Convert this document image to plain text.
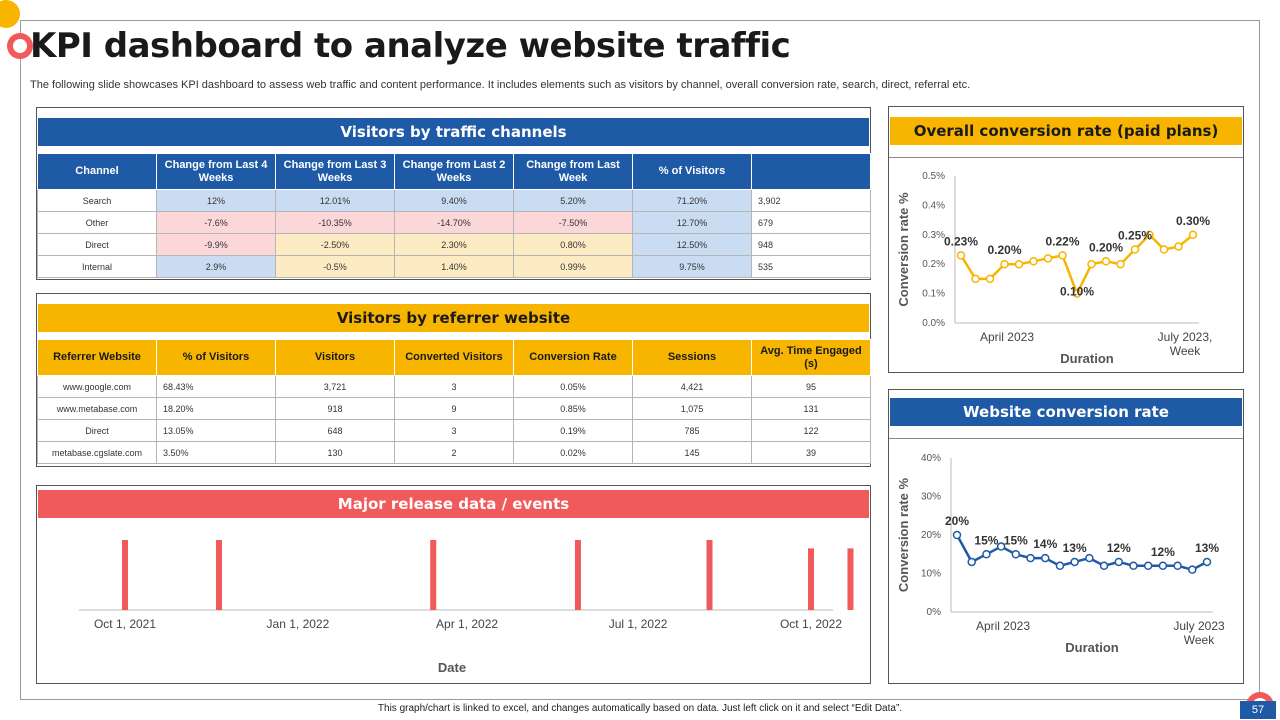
KPI dashboard to analyze website traffic
The following slide showcases KPI dashboard to assess web traffic and content performance. It includes elements such as visitors by channel, overall conversion rate, search, direct, referral etc.
Visitors by traffic channels
Channel	Change from Last 4 Weeks	Change from Last 3 Weeks	Change from Last 2 Weeks	Change from Last Week	% of Visitors	
Search	12%	12.01%	9.40%	5.20%	71.20%	3,902
Other	-7.6%	-10.35%	-14.70%	-7.50%	12.70%	679
Direct	-9.9%	-2.50%	2.30%	0.80%	12.50%	948
Internal	2.9%	-0.5%	1.40%	0.99%	9.75%	535
Visitors by referrer website
Referrer Website	% of Visitors	Visitors	Converted Visitors	Conversion Rate	Sessions	Avg. Time Engaged (s)
www.google.com	68.43%	3,721	3	0.05%	4,421	95
www.metabase.com	18.20%	918	9	0.85%	1,075	131
Direct	13.05%	648	3	0.19%	785	122
metabase.cgslate.com	3.50%	130	2	0.02%	145	39
Major release data / events
Oct 1, 2021	Jan 1, 2022	Apr 1, 2022	Jul 1, 2022	Oct 1, 2022
Date
Overall conversion rate (paid plans)
0.0%
0.1%
0.2%
0.3%
0.4%
0.5%
April 2023	July 2023,
Week
Duration
Conversion rate %	0.23%
0.20%
0.22%
0.10%
0.20%
0.25%
0.30%
Website conversion rate
0%
10%
20%
30%
40%
April 2023	July 2023
Week
Duration
Conversion rate %	20%
15% 15% 14% 13% 12% 12% 13%
This graph/chart is linked to excel, and changes automatically based on data. Just left click on it and select “Edit Data”.	57
